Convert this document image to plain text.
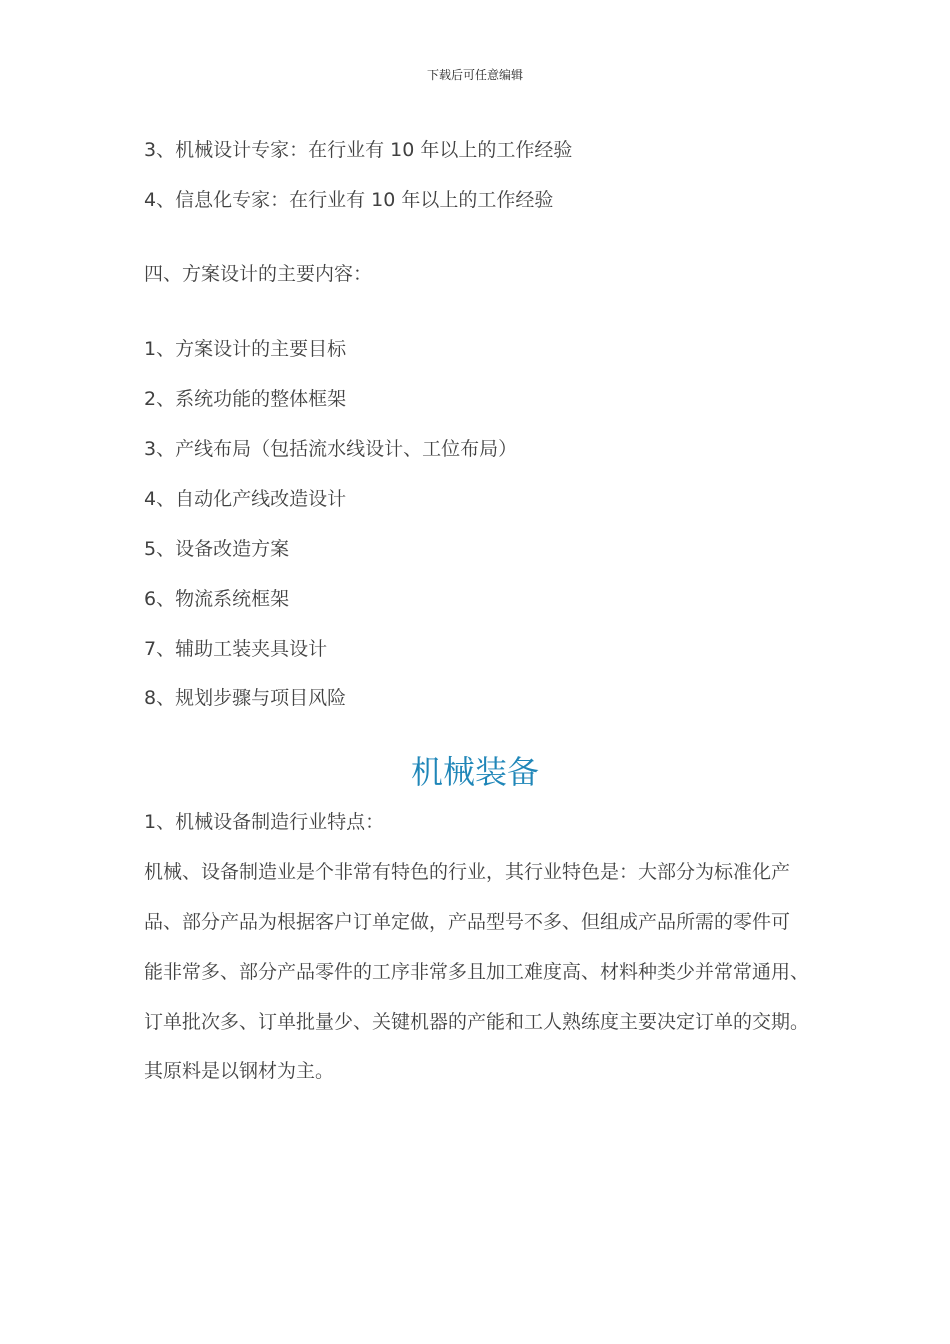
下载后可任意编辑
3、机械设计专家：在行业有 10 年以上的工作经验
4、信息化专家：在行业有 10 年以上的工作经验
四、方案设计的主要内容：
1、方案设计的主要目标
2、系统功能的整体框架
3、产线布局（包括流水线设计、工位布局）
4、自动化产线改造设计
5、设备改造方案
6、物流系统框架
7、辅助工装夹具设计
8、规划步骤与项目风险
机械装备
1、机械设备制造行业特点：
机械、设备制造业是个非常有特色的行业，其行业特色是：大部分为标准化产
品、部分产品为根据客户订单定做，产品型号不多、但组成产品所需的零件可
能非常多、部分产品零件的工序非常多且加工难度高、材料种类少并常常通用、
订单批次多、订单批量少、关键机器的产能和工人熟练度主要决定订单的交期。
其原料是以钢材为主。
